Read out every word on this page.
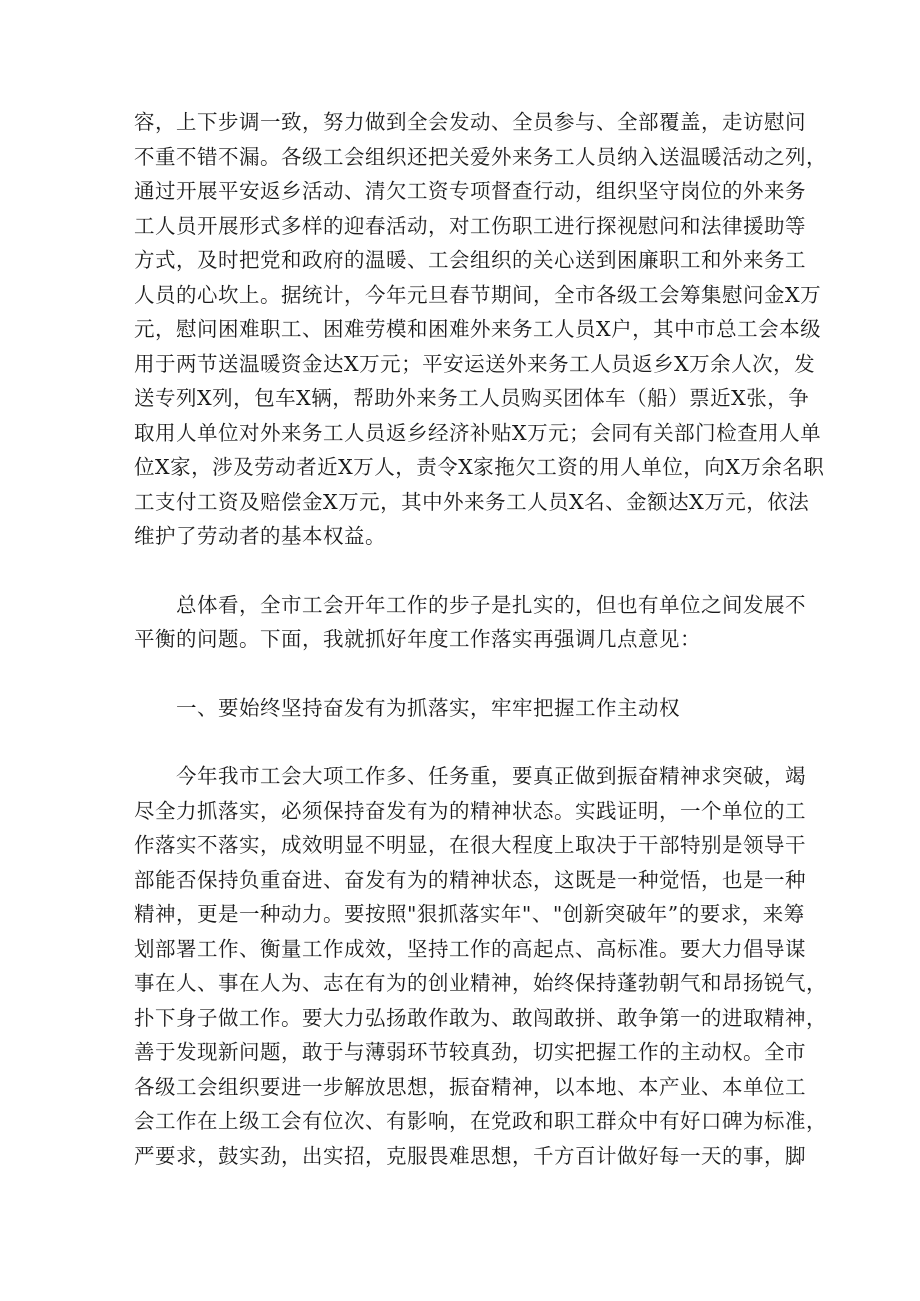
容，上下步调一致，努力做到全会发动、全员参与、全部覆盖，走访慰问
不重不错不漏。各级工会组织还把关爱外来务工人员纳入送温暖活动之列，
通过开展平安返乡活动、清欠工资专项督查行动，组织坚守岗位的外来务
工人员开展形式多样的迎春活动，对工伤职工进行探视慰问和法律援助等
方式，及时把党和政府的温暖、工会组织的关心送到困廉职工和外来务工
人员的心坎上。据统计，今年元旦春节期间，全市各级工会筹集慰问金X万
元，慰问困难职工、困难劳模和困难外来务工人员X户，其中市总工会本级
用于两节送温暖资金达X万元；平安运送外来务工人员返乡X万余人次，发
送专列X列，包车X辆，帮助外来务工人员购买团体车（船）票近X张，争
取用人单位对外来务工人员返乡经济补贴X万元；会同有关部门检查用人单
位X家，涉及劳动者近X万人，责令X家拖欠工资的用人单位，向X万余名职
工支付工资及赔偿金X万元，其中外来务工人员X名、金额达X万元，依法
维护了劳动者的基本权益。

总体看，全市工会开年工作的步子是扎实的，但也有单位之间发展不
平衡的问题。下面，我就抓好年度工作落实再强调几点意见：

一、要始终坚持奋发有为抓落实，牢牢把握工作主动权

今年我市工会大项工作多、任务重，要真正做到振奋精神求突破，竭
尽全力抓落实，必须保持奋发有为的精神状态。实践证明，一个单位的工
作落实不落实，成效明显不明显，在很大程度上取决于干部特别是领导干
部能否保持负重奋进、奋发有为的精神状态，这既是一种觉悟，也是一种
精神，更是一种动力。要按照"狠抓落实年"、"创新突破年”的要求，来筹
划部署工作、衡量工作成效，坚持工作的高起点、高标准。要大力倡导谋
事在人、事在人为、志在有为的创业精神，始终保持蓬勃朝气和昂扬锐气，
扑下身子做工作。要大力弘扬敢作敢为、敢闯敢拼、敢争第一的进取精神，
善于发现新问题，敢于与薄弱环节较真劲，切实把握工作的主动权。全市
各级工会组织要进一步解放思想，振奋精神，以本地、本产业、本单位工
会工作在上级工会有位次、有影响，在党政和职工群众中有好口碑为标准，
严要求，鼓实劲，出实招，克服畏难思想，千方百计做好每一天的事，脚
